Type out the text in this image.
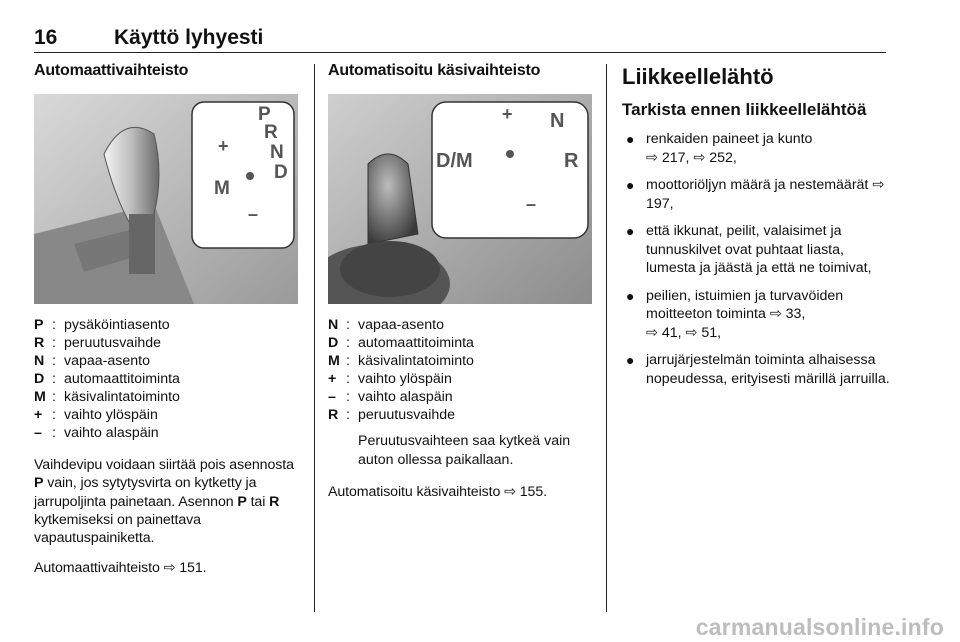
16	Käyttö lyhyesti
Automaattivaihteisto
P
R
N
D
M
+
–
P : pysäköintiasento
R : peruutusvaihde
N : vapaa-asento
D : automaattitoiminta
M : käsivalintatoiminto
+ : vaihto ylöspäin
– : vaihto alaspäin
Vaihdevipu voidaan siirtää pois asennosta P vain, jos sytytysvirta on kytketty ja jarrupoljinta painetaan. Asennon P tai R kytkemiseksi on painettava vapautuspainiketta.
Automaattivaihteisto ⇨ 151.
Automatisoitu käsivaihteisto
D/M
N
R
+
–
N : vapaa-asento
D : automaattitoiminta
M : käsivalintatoiminto
+ : vaihto ylöspäin
– : vaihto alaspäin
R : peruutusvaihde
Peruutusvaihteen saa kytkeä vain auton ollessa paikallaan.
Automatisoitu käsivaihteisto ⇨ 155.
Liikkeellelähtö
Tarkista ennen liikkeellelähtöä
● renkaiden paineet ja kunto
⇨ 217, ⇨ 252,
● moottoriöljyn määrä ja nestemäärät ⇨ 197,
● että ikkunat, peilit, valaisimet ja tunnuskilvet ovat puhtaat liasta, lumesta ja jäästä ja että ne toimivat,
● peilien, istuimien ja turvavöiden moitteeton toiminta ⇨ 33,
⇨ 41, ⇨ 51,
● jarrujärjestelmän toiminta alhaisessa nopeudessa, erityisesti märillä jarruilla.
carmanualsonline.info
